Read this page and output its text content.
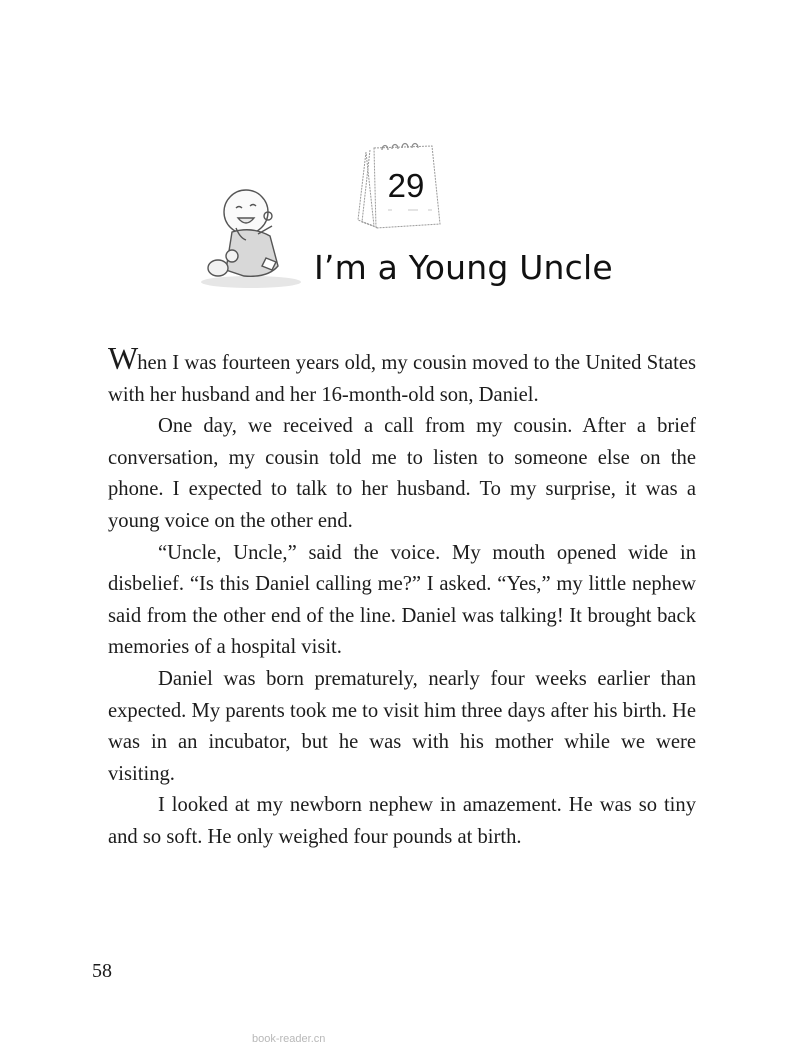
29
I’m a Young Uncle

When I was fourteen years old, my cousin moved to the United States with her husband and her 16-month-old son, Daniel.

One day, we received a call from my cousin. After a brief conversation, my cousin told me to listen to someone else on the phone. I expected to talk to her husband. To my surprise, it was a young voice on the other end.

“Uncle, Uncle,” said the voice. My mouth opened wide in disbelief. “Is this Daniel calling me?” I asked. “Yes,” my little nephew said from the other end of the line. Daniel was talking! It brought back memories of a hospital visit.

Daniel was born prematurely, nearly four weeks earlier than expected. My parents took me to visit him three days after his birth. He was in an incubator, but he was with his mother while we were visiting.

I looked at my newborn nephew in amazement. He was so tiny and so soft. He only weighed four pounds at birth.

58
book-reader.cn
